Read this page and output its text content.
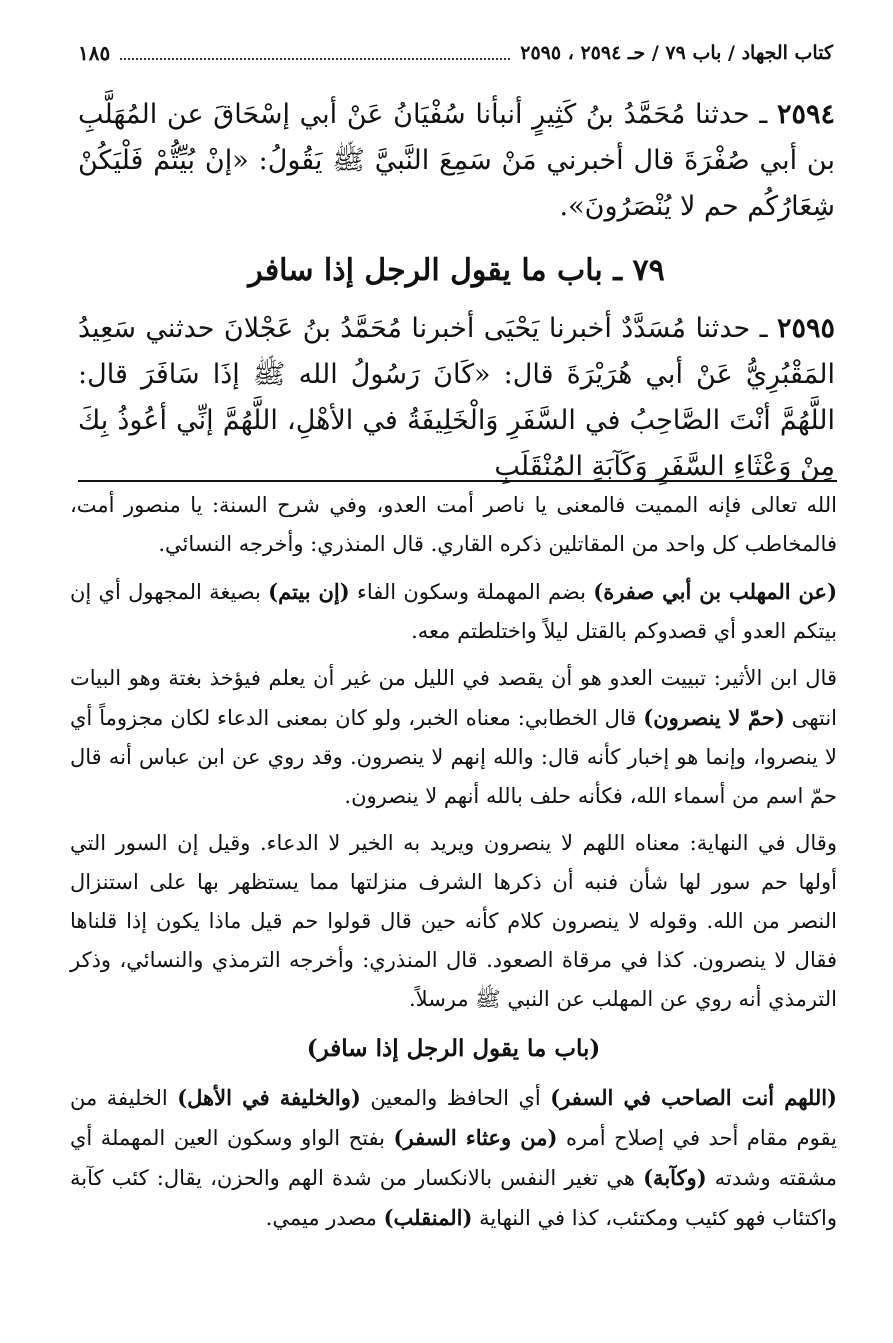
كتاب الجهاد / باب ٧٩ / حـ ٢٥٩٤ ، ٢٥٩٥
١٨٥

٢٥٩٤ ـ حدثنا مُحَمَّدُ بنُ كَثِيرٍ أنبأنا سُفْيَانُ عَنْ أبي إسْحَاقَ عن المُهَلَّبِ بن أبي صُفْرَةَ قال أخبرني مَنْ سَمِعَ النَّبيَّ ﷺ يَقُولُ: «إنْ بُيِّتُّمْ فَلْيَكُنْ شِعَارُكُم حم لا يُنْصَرُونَ».

٧٩ ـ باب ما يقول الرجل إذا سافر

٢٥٩٥ ـ حدثنا مُسَدَّدٌ أخبرنا يَحْيَى أخبرنا مُحَمَّدُ بنُ عَجْلانَ حدثني سَعِيدُ المَقْبُرِيُّ عَنْ أبي هُرَيْرَةَ قال: «كَانَ رَسُولُ الله ﷺ إذَا سَافَرَ قال: اللَّهُمَّ أنْتَ الصَّاحِبُ في السَّفَرِ وَالْخَلِيفَةُ في الأهْلِ، اللَّهُمَّ إنِّي أعُوذُ بِكَ مِنْ وَعْثَاءِ السَّفَرِ وَكَآبَةِ المُنْقَلَبِ

الله تعالى فإنه المميت فالمعنى يا ناصر أمت العدو، وفي شرح السنة: يا منصور أمت، فالمخاطب كل واحد من المقاتلين ذكره القاري. قال المنذري: وأخرجه النسائي.

(عن المهلب بن أبي صفرة) بضم المهملة وسكون الفاء (إن بيتم) بصيغة المجهول أي إن بيتكم العدو أي قصدوكم بالقتل ليلاً واختلطتم معه.

قال ابن الأثير: تبييت العدو هو أن يقصد في الليل من غير أن يعلم فيؤخذ بغتة وهو البيات انتهى (حمّ لا ينصرون) قال الخطابي: معناه الخبر، ولو كان بمعنى الدعاء لكان مجزوماً أي لا ينصروا، وإنما هو إخبار كأنه قال: والله إنهم لا ينصرون. وقد روي عن ابن عباس أنه قال حمّ اسم من أسماء الله، فكأنه حلف بالله أنهم لا ينصرون.

وقال في النهاية: معناه اللهم لا ينصرون ويريد به الخير لا الدعاء. وقيل إن السور التي أولها حم سور لها شأن فنبه أن ذكرها الشرف منزلتها مما يستظهر بها على استنزال النصر من الله. وقوله لا ينصرون كلام كأنه حين قال قولوا حم قيل ماذا يكون إذا قلناها فقال لا ينصرون. كذا في مرقاة الصعود. قال المنذري: وأخرجه الترمذي والنسائي، وذكر الترمذي أنه روي عن المهلب عن النبي ﷺ مرسلاً.

(باب ما يقول الرجل إذا سافر)

(اللهم أنت الصاحب في السفر) أي الحافظ والمعين (والخليفة في الأهل) الخليفة من يقوم مقام أحد في إصلاح أمره (من وعثاء السفر) بفتح الواو وسكون العين المهملة أي مشقته وشدته (وكآبة) هي تغير النفس بالانكسار من شدة الهم والحزن، يقال: كئب كآبة واكتئاب فهو كئيب ومكتئب، كذا في النهاية (المنقلب) مصدر ميمي.
